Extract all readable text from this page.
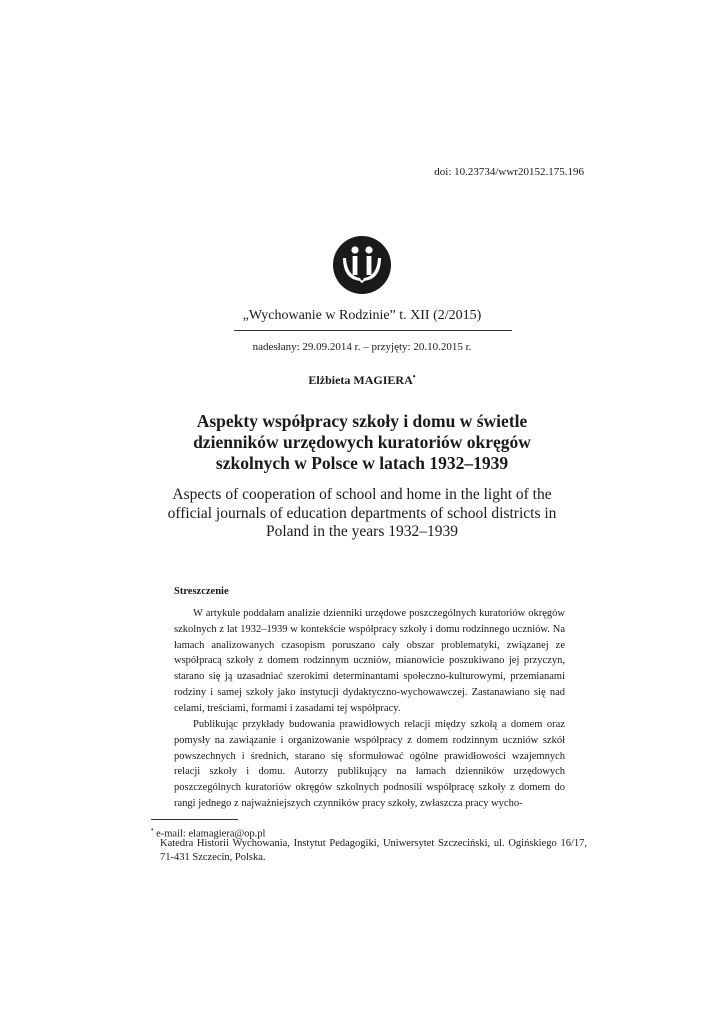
doi: 10.23734/wwr20152.175.196
„Wychowanie w Rodzinie” t. XII (2/2015)
nadesłany: 29.09.2014 r. – przyjęty: 20.10.2015 r.
Elżbieta MAGIERA•
Aspekty współpracy szkoły i domu w świetle dzienników urzędowych kuratoriów okręgów szkolnych w Polsce w latach 1932–1939
Aspects of cooperation of school and home in the light of the official journals of education departments of school districts in Poland in the years 1932–1939
Streszczenie

W artykule poddałam analizie dzienniki urzędowe poszczególnych kuratoriów okręgów szkolnych z lat 1932–1939 w kontekście współpracy szkoły i domu rodzinnego uczniów. Na łamach analizowanych czasopism poruszano cały obszar problematyki, związanej ze współpracą szkoły z domem rodzinnym uczniów, mianowicie poszukiwano jej przyczyn, starano się ją uzasadniać szerokimi determinantami społeczno-kulturowymi, przemianami rodziny i samej szkoły jako instytucji dydaktyczno-wychowawczej. Zastanawiano się nad celami, treściami, formami i zasadami tej współpracy.

Publikując przykłady budowania prawidłowych relacji między szkołą a domem oraz pomysły na zawiązanie i organizowanie współpracy z domem rodzinnym uczniów szkół powszechnych i średnich, starano się sformułować ogólne prawidłowości wzajemnych relacji szkoły i domu. Autorzy publikujący na łamach dzienników urzędowych poszczególnych kuratoriów okręgów szkolnych podnosili współpracę szkoły z domem do rangi jednego z najważniejszych czynników pracy szkoły, zwłaszcza pracy wycho-

• e-mail: elamagiera@op.pl
Katedra Historii Wychowania, Instytut Pedagogiki, Uniwersytet Szczeciński, ul. Ogińskiego 16/17, 71-431 Szczecin, Polska.
